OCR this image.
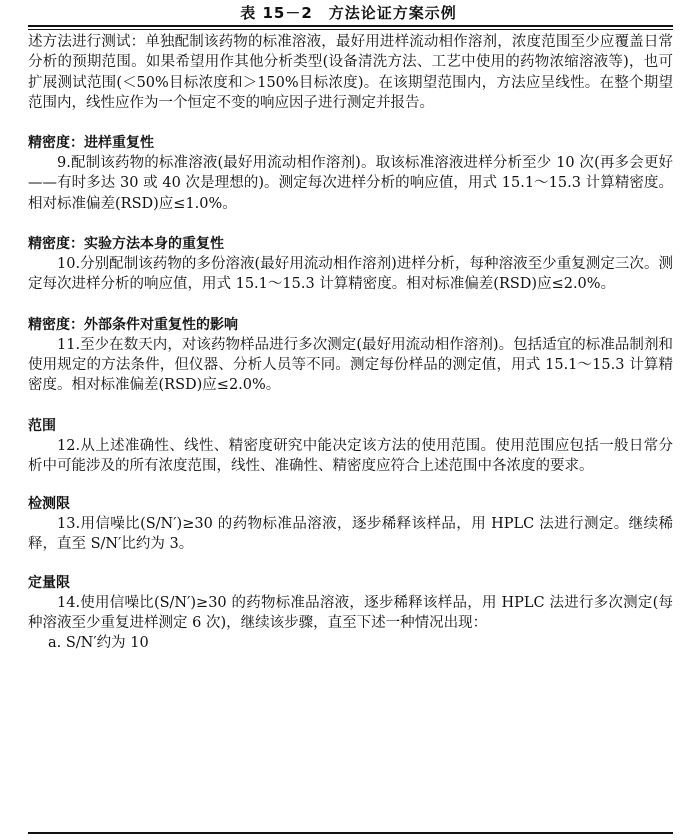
表 15－2　方法论证方案示例

述方法进行测试：单独配制该药物的标准溶液，最好用进样流动相作溶剂，浓度范围至少应覆盖日常分析的预期范围。如果希望用作其他分析类型(设备清洗方法、工艺中使用的药物浓缩溶液等)，也可扩展测试范围(＜50%目标浓度和＞150%目标浓度)。在该期望范围内，方法应呈线性。在整个期望范围内，线性应作为一个恒定不变的响应因子进行测定并报告。

精密度：进样重复性

9.配制该药物的标准溶液(最好用流动相作溶剂)。取该标准溶液进样分析至少 10 次(再多会更好——有时多达 30 或 40 次是理想的)。测定每次进样分析的响应值，用式 15.1～15.3 计算精密度。相对标准偏差(RSD)应≤1.0%。

精密度：实验方法本身的重复性

10.分别配制该药物的多份溶液(最好用流动相作溶剂)进样分析，每种溶液至少重复测定三次。测定每次进样分析的响应值，用式 15.1～15.3 计算精密度。相对标准偏差(RSD)应≤2.0%。

精密度：外部条件对重复性的影响

11.至少在数天内，对该药物样品进行多次测定(最好用流动相作溶剂)。包括适宜的标准品制剂和使用规定的方法条件，但仪器、分析人员等不同。测定每份样品的测定值，用式 15.1～15.3 计算精密度。相对标准偏差(RSD)应≤2.0%。

范围

12.从上述准确性、线性、精密度研究中能决定该方法的使用范围。使用范围应包括一般日常分析中可能涉及的所有浓度范围，线性、准确性、精密度应符合上述范围中各浓度的要求。

检测限

13.用信噪比(S/N′)≥30 的药物标准品溶液，逐步稀释该样品，用 HPLC 法进行测定。继续稀释，直至 S/N′比约为 3。

定量限

14.使用信噪比(S/N′)≥30 的药物标准品溶液，逐步稀释该样品，用 HPLC 法进行多次测定(每种溶液至少重复进样测定 6 次)，继续该步骤，直至下述一种情况出现：

a. S/N′约为 10
